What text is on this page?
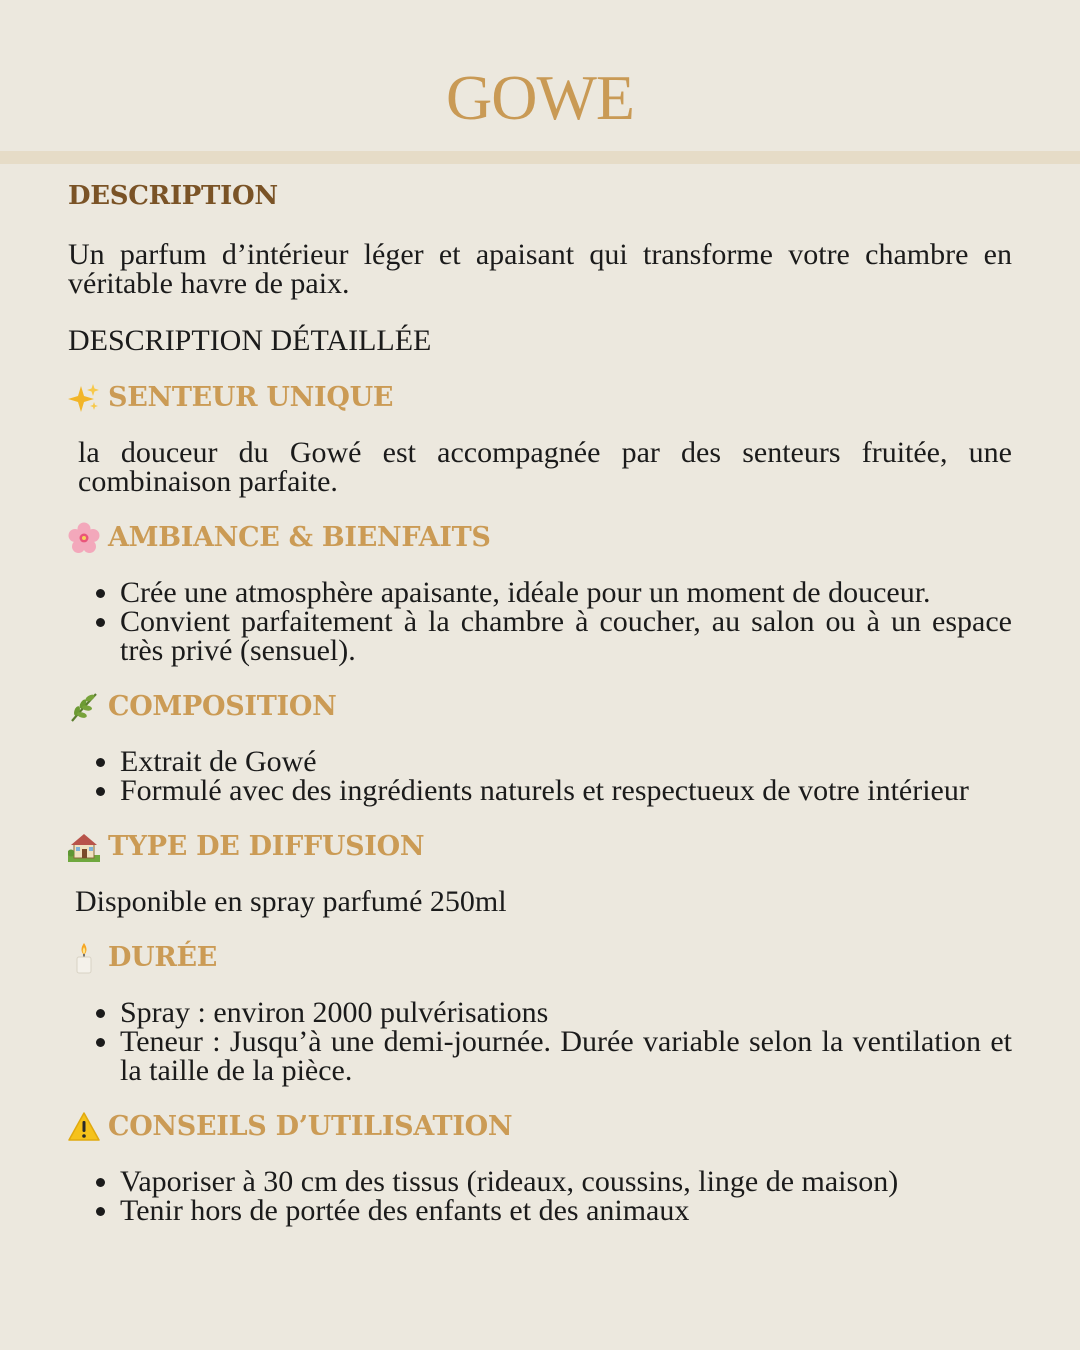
GOWE
DESCRIPTION

Un parfum d’intérieur léger et apaisant qui transforme votre chambre en véritable havre de paix.

DESCRIPTION DÉTAILLÉE
SENTEUR UNIQUE

la douceur du Gowé est accompagnée par des senteurs fruitée, une combinaison parfaite.

AMBIANCE & BIENFAITS
• Crée une atmosphère apaisante, idéale pour un moment de douceur.
• Convient parfaitement à la chambre à coucher, au salon ou à un espace très privé (sensuel).
COMPOSITION
• Extrait de Gowé
• Formulé avec des ingrédients naturels et respectueux de votre intérieur
TYPE DE DIFFUSION

Disponible en spray parfumé 250ml

DURÉE
• Spray : environ 2000 pulvérisations
• Teneur : Jusqu’à une demi-journée. Durée variable selon la ventilation et la taille de la pièce.
CONSEILS D’UTILISATION
• Vaporiser à 30 cm des tissus (rideaux, coussins, linge de maison)
• Tenir hors de portée des enfants et des animaux
